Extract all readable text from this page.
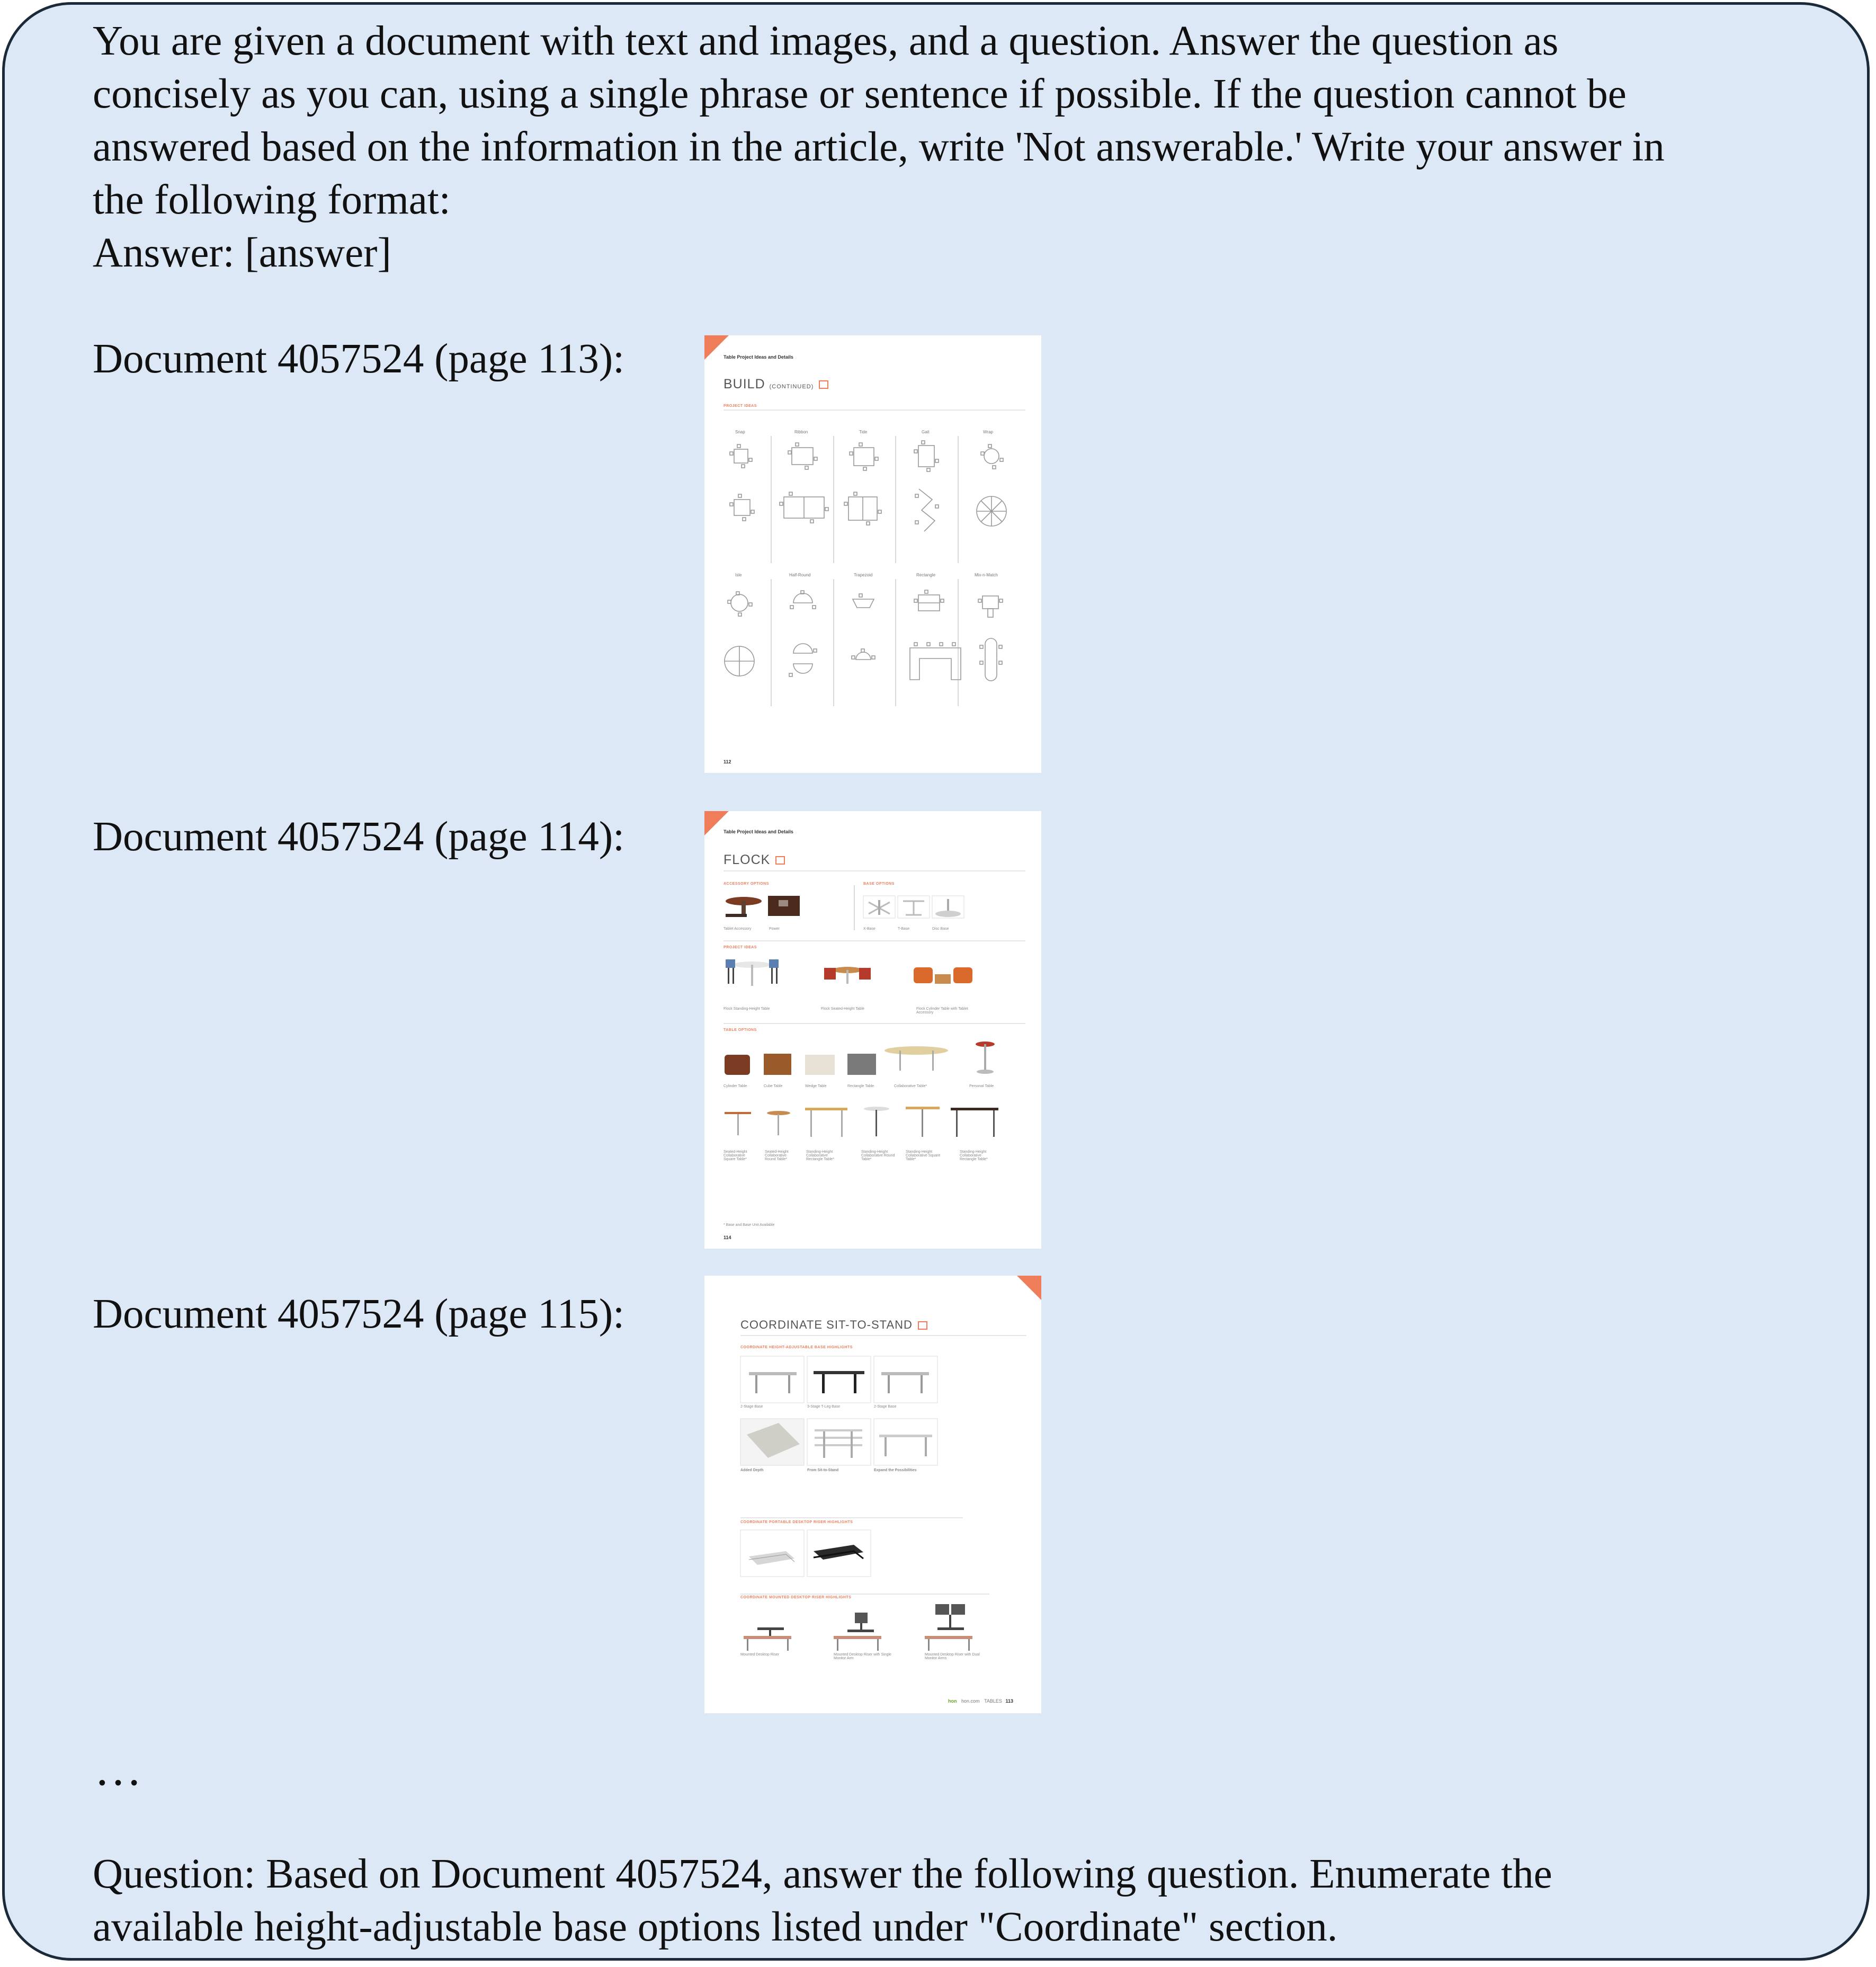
You are given a document with text and images, and a question. Answer the question as
concisely as you can, using a single phrase or sentence if possible. If the question cannot be
answered based on the information in the article, write 'Not answerable.' Write your answer in
the following format:
Answer: [answer]
Document 4057524 (page 113):	Table Project Ideas and Details
BUILD (CONTINUED)
PROJECT IDEAS
Snap	Ribbon	Tide	Gait	Wrap
Isle	Half-Round	Trapezoid	Rectangle	Mix-n-Match
112
Document 4057524 (page 114):	Table Project Ideas and Details
FLOCK
ACCESSORY OPTIONS	BASE OPTIONS
Tablet Accessory	Power	X-Base	T-Base	Disc Base
PROJECT IDEAS
Flock Standing-Height Table	Flock Seated-Height Table	Flock Cylinder Table with Tablet Accessory
TABLE OPTIONS
Cylinder Table	Cube Table	Wedge Table	Rectangle Table	Collaborative Table*	Personal Table
Seated-Height Collaborative Square Table*
Seated-Height Collaborative Round Table*
Standing-Height Collaborative Rectangle Table*
Standing-Height Collaborative Round Table*
Standing-Height Collaborative Square Table*
Standing-Height Collaborative Rectangle Table*
* Base and Base Unit Available
114
Document 4057524 (page 115):	COORDINATE SIT-TO-STAND
COORDINATE HEIGHT-ADJUSTABLE BASE HIGHLIGHTS
2-Stage Base	3-Stage T-Leg Base	2-Stage Base
Added Depth	From Sit-to-Stand	Expand the Possibilities
COORDINATE PORTABLE DESKTOP RISER HIGHLIGHTS
COORDINATE MOUNTED DESKTOP RISER HIGHLIGHTS
Mounted Desktop Riser	Mounted Desktop Riser with Single Monitor Arm
Mounted Desktop Riser with Dual Monitor Arms
hon hon.com TABLES 113
…
Question: Based on Document 4057524, answer the following question. Enumerate the
available height-adjustable base options listed under "Coordinate" section.
